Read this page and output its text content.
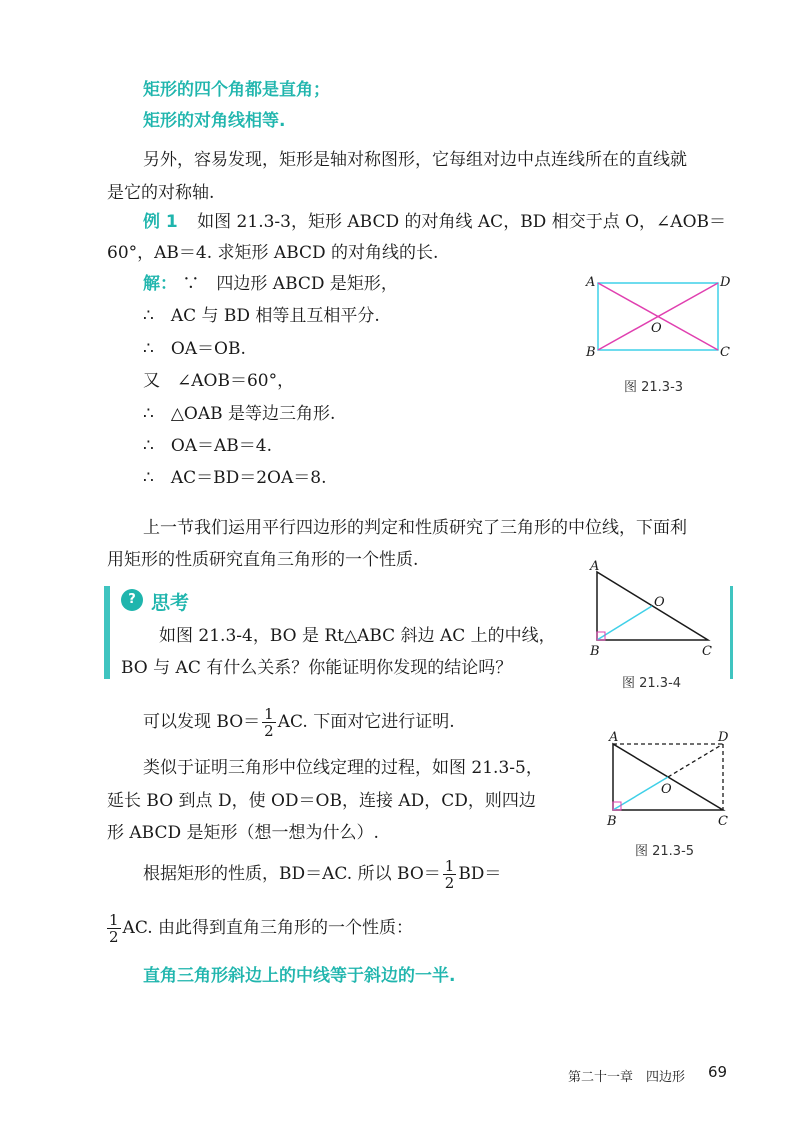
矩形的四个角都是直角；
矩形的对角线相等.
另外，容易发现，矩形是轴对称图形，它每组对边中点连线所在的直线就是它的对称轴.
例 1 如图 21.3-3，矩形 ABCD 的对角线 AC，BD 相交于点 O，∠AOB＝
60°，AB＝4. 求矩形 ABCD 的对角线的长.
解： ∵　四边形 ABCD 是矩形，
∴　AC 与 BD 相等且互相平分.
∴　OA＝OB.
又　∠AOB＝60°，
∴　△OAB 是等边三角形.
∴　OA＝AB＝4.
∴　AC＝BD＝2OA＝8.
A	D
B	C
O
图 21.3-3
上一节我们运用平行四边形的判定和性质研究了三角形的中位线，下面利用矩形的性质研究直角三角形的一个性质.
? 思考
如图 21.3-4，BO 是 Rt△ABC 斜边 AC 上的中线，
BO 与 AC 有什么关系？你能证明你发现的结论吗？
A
O
B	C
图 21.3-4
可以发现 $BO= \frac{1}{2}$ AC. 下面对它进行证明.
类似于证明三角形中位线定理的过程，如图 21.3-5，
延长 BO 到点 D，使 OD＝OB，连接 AD，CD，则四边
形 ABCD 是矩形（想一想为什么）.
A	D
O
B	C
图 21.3-5
根据矩形的性质，BD＝AC. 所以 $BO= \frac{1}{2} BD=$
$\frac{1}{2}$ AC. 由此得到直角三角形的一个性质：
直角三角形斜边上的中线等于斜边的一半.
第二十一章　四边形 69
